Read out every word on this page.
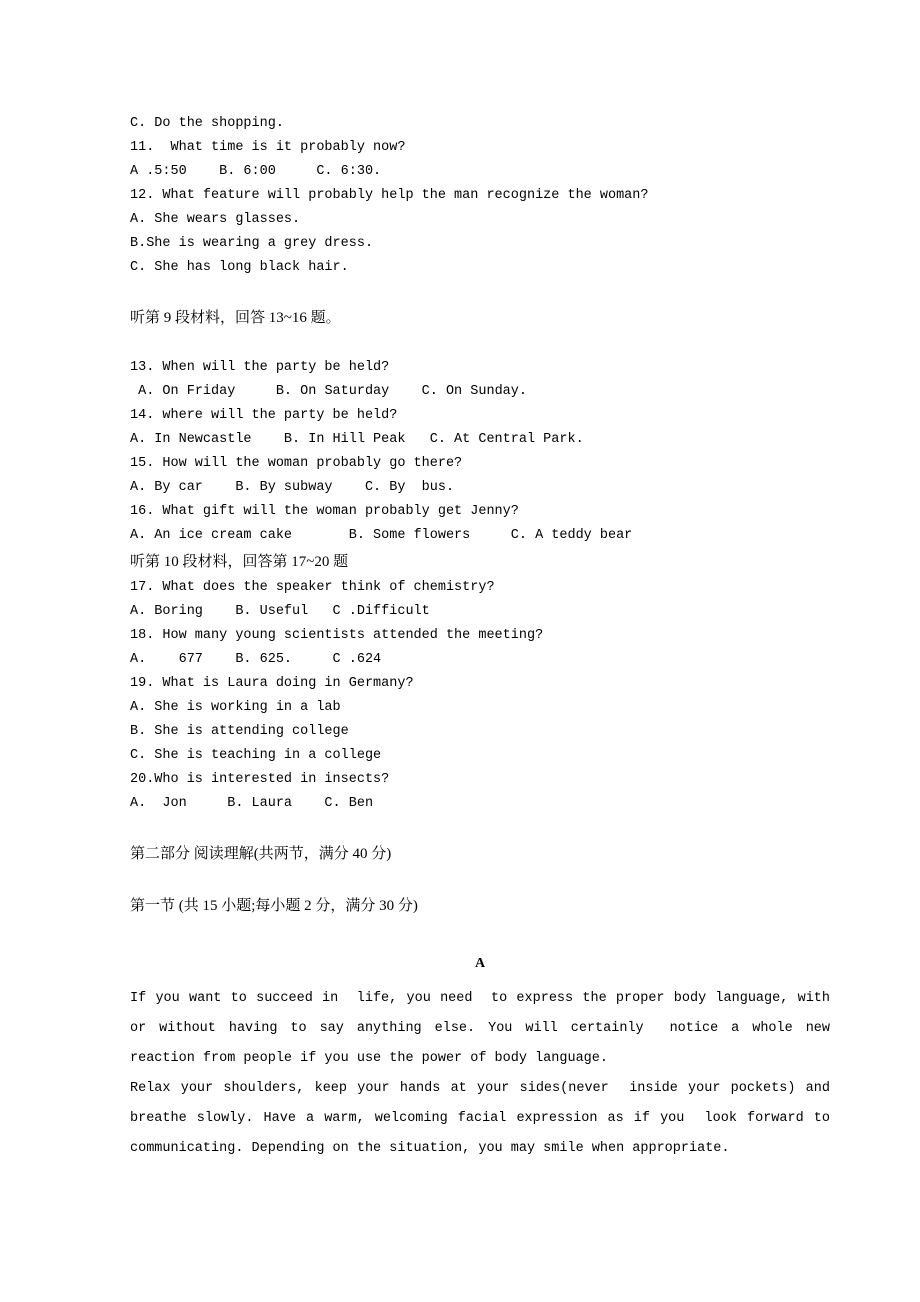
C. Do the shopping.
11.  What time is it probably now?
A .5:50    B. 6:00     C. 6:30.
12. What feature will probably help the man recognize the woman?
A. She wears glasses.
B.She is wearing a grey dress.
C. She has long black hair.
听第 9 段材料，回答 13~16 题。
13. When will the party be held?
A. On Friday     B. On Saturday    C. On Sunday.
14. where will the party be held?
A. In Newcastle    B. In Hill Peak   C. At Central Park.
15. How will the woman probably go there?
A. By car    B. By subway    C. By  bus.
16. What gift will the woman probably get Jenny?
A. An ice cream cake       B. Some flowers     C. A teddy bear
听第 10 段材料，回答第 17~20 题
17. What does the speaker think of chemistry?
A. Boring    B. Useful   C .Difficult
18. How many young scientists attended the meeting?
A.    677    B. 625.     C .624
19. What is Laura doing in Germany?
A. She is working in a lab
B. She is attending college
C. She is teaching in a college
20.Who is interested in insects?
A.  Jon     B. Laura    C. Ben
第二部分 阅读理解(共两节，满分 40 分)
第一节 (共 15 小题;每小题 2 分，满分 30 分)
A
If you want to succeed in  life, you need  to express the proper body language, with or without having to say anything else. You will certainly  notice a whole new reaction from people if you use the power of body language.
Relax your shoulders, keep your hands at your sides(never  inside your pockets) and breathe slowly. Have a warm, welcoming facial expression as if you  look forward to communicating. Depending on the situation, you may smile when appropriate.
